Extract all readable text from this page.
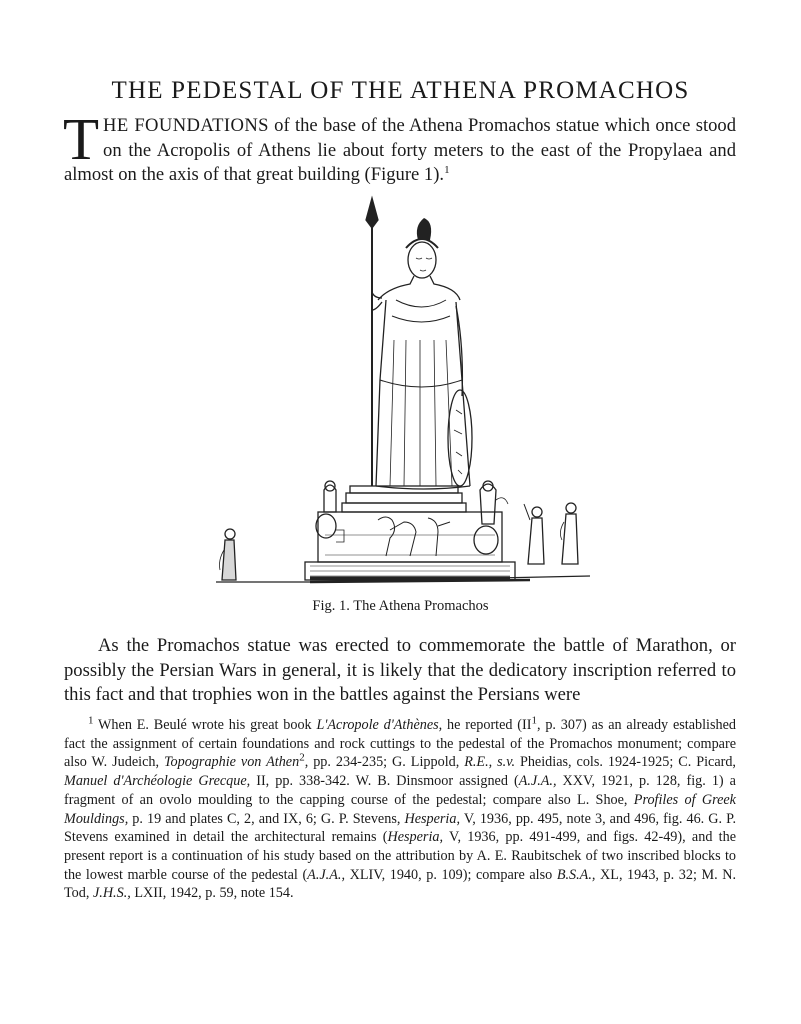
THE PEDESTAL OF THE ATHENA PROMACHOS

THE FOUNDATIONS of the base of the Athena Promachos statue which once stood on the Acropolis of Athens lie about forty meters to the east of the Propylaea and almost on the axis of that great building (Figure 1).$^1$

Fig. 1. The Athena Promachos

As the Promachos statue was erected to commemorate the battle of Marathon, or possibly the Persian Wars in general, it is likely that the dedicatory inscription referred to this fact and that trophies won in the battles against the Persians were

$^1$ When E. Beulé wrote his great book L'Acropole d'Athènes, he reported ($II^1$, p. 307) as an already established fact the assignment of certain foundations and rock cuttings to the pedestal of the Promachos monument; compare also W. Judeich, Topographie von Athen$^2$, pp. 234-235; G. Lippold, R.E., s.v. Pheidias, cols. 1924-1925; C. Picard, Manuel d'Archéologie Grecque, II, pp. 338-342. W. B. Dinsmoor assigned (A.J.A., XXV, 1921, p. 128, fig. 1) a fragment of an ovolo moulding to the capping course of the pedestal; compare also L. Shoe, Profiles of Greek Mouldings, p. 19 and plates C, 2, and IX, 6; G. P. Stevens, Hesperia, V, 1936, pp. 495, note 3, and 496, fig. 46. G. P. Stevens examined in detail the architectural remains (Hesperia, V, 1936, pp. 491-499, and figs. 42-49), and the present report is a continuation of his study based on the attribution by A. E. Raubitschek of two inscribed blocks to the lowest marble course of the pedestal (A.J.A., XLIV, 1940, p. 109); compare also B.S.A., XL, 1943, p. 32; M. N. Tod, J.H.S., LXII, 1942, p. 59, note 154.
